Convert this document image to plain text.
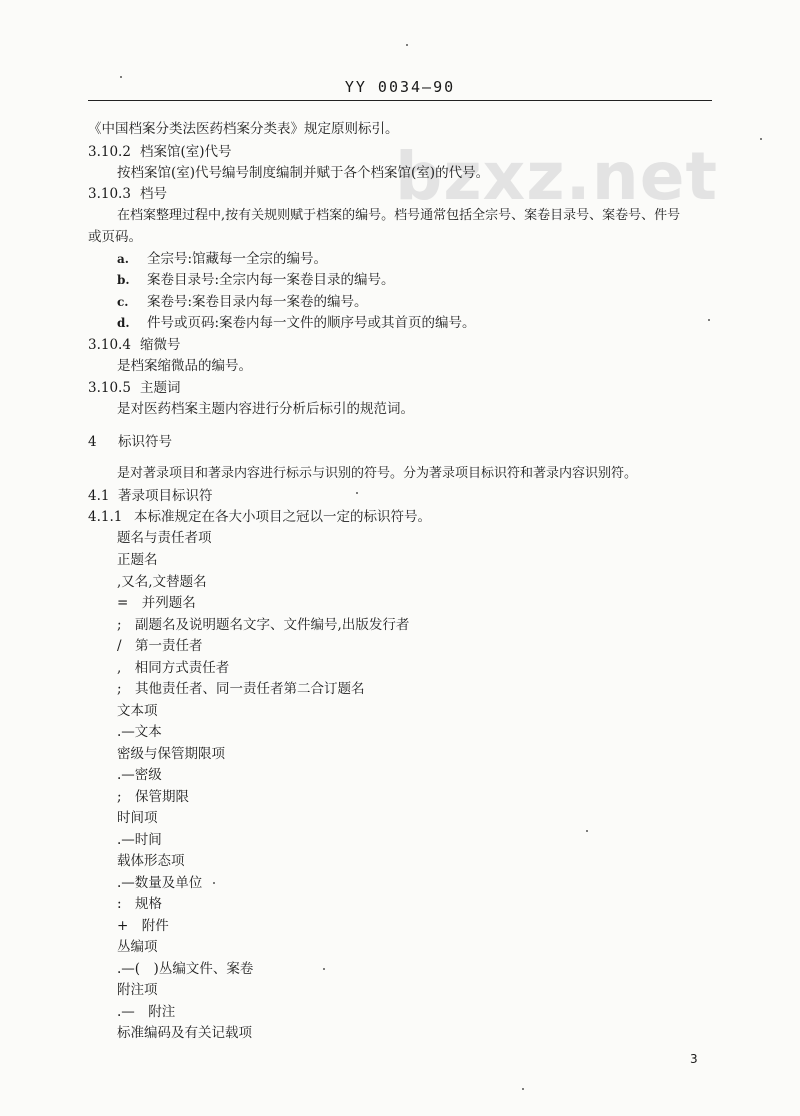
bzxz.net
YY 0034—90
《中国档案分类法医药档案分类表》规定原则标引。
3.10.2 档案馆(室)代号
按档案馆(室)代号编号制度编制并赋于各个档案馆(室)的代号。
3.10.3 档号
在档案整理过程中,按有关规则赋于档案的编号。档号通常包括全宗号、案卷目录号、案卷号、件号
或页码。
a. 全宗号:馆藏每一全宗的编号。
b. 案卷目录号:全宗内每一案卷目录的编号。
c. 案卷号:案卷目录内每一案卷的编号。
d. 件号或页码:案卷内每一文件的顺序号或其首页的编号。
3.10.4 缩微号
是档案缩微品的编号。
3.10.5 主题词
是对医药档案主题内容进行分析后标引的规范词。
4 标识符号
是对著录项目和著录内容进行标示与识别的符号。分为著录项目标识符和著录内容识别符。
4.1 著录项目标识符
4.1.1 本标准规定在各大小项目之冠以一定的标识符号。
题名与责任者项
正题名
,又名,文替题名
=　并列题名
;　副题名及说明题名文字、文件编号,出版发行者
/　第一责任者
,　相同方式责任者
;　其他责任者、同一责任者第二合订题名
文本项
.—文本
密级与保管期限项
.—密级
;　保管期限
时间项
.—时间
载体形态项
.—数量及单位
:　规格
+　附件
丛编项
.—(　)丛编文件、案卷
附注项
.—　附注
标准编码及有关记载项
3
